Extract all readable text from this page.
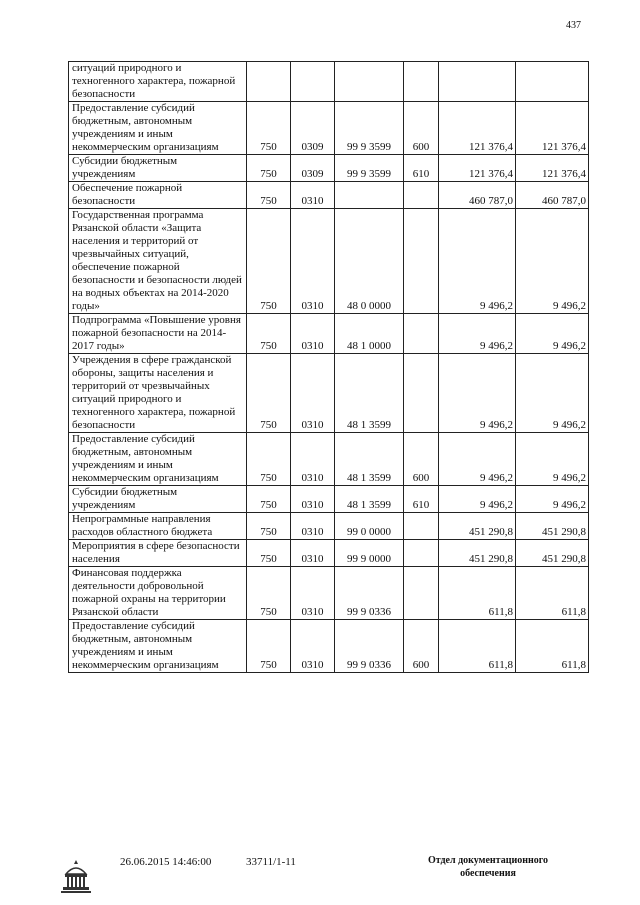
437
ситуаций природного и техногенного характера, пожарной безопасности						
Предоставление субсидий бюджетным, автономным учреждениям и иным некоммерческим организациям	750	0309	99 9 3599	600	121 376,4	121 376,4
Субсидии бюджетным учреждениям	750	0309	99 9 3599	610	121 376,4	121 376,4
Обеспечение пожарной безопасности	750	0310			460 787,0	460 787,0
Государственная программа Рязанской области «Защита населения и территорий от чрезвычайных ситуаций, обеспечение пожарной безопасности и безопасности людей на водных объектах на 2014-2020 годы»	750	0310	48 0 0000		9 496,2	9 496,2
Подпрограмма «Повышение уровня пожарной безопасности на 2014-2017 годы»	750	0310	48 1 0000		9 496,2	9 496,2
Учреждения в сфере гражданской обороны, защиты населения и территорий от чрезвычайных ситуаций природного и техногенного характера, пожарной безопасности	750	0310	48 1 3599		9 496,2	9 496,2
Предоставление субсидий бюджетным, автономным учреждениям и иным некоммерческим организациям	750	0310	48 1 3599	600	9 496,2	9 496,2
Субсидии бюджетным учреждениям	750	0310	48 1 3599	610	9 496,2	9 496,2
Непрограммные направления расходов областного бюджета	750	0310	99 0 0000		451 290,8	451 290,8
Мероприятия в сфере безопасности населения	750	0310	99 9 0000		451 290,8	451 290,8
Финансовая поддержка деятельности добровольной пожарной охраны на территории Рязанской области	750	0310	99 9 0336		611,8	611,8
Предоставление субсидий бюджетным, автономным учреждениям и иным некоммерческим организациям	750	0310	99 9 0336	600	611,8	611,8
26.06.2015 14:46:00	33711/1-11	Отдел документационного обеспечения
